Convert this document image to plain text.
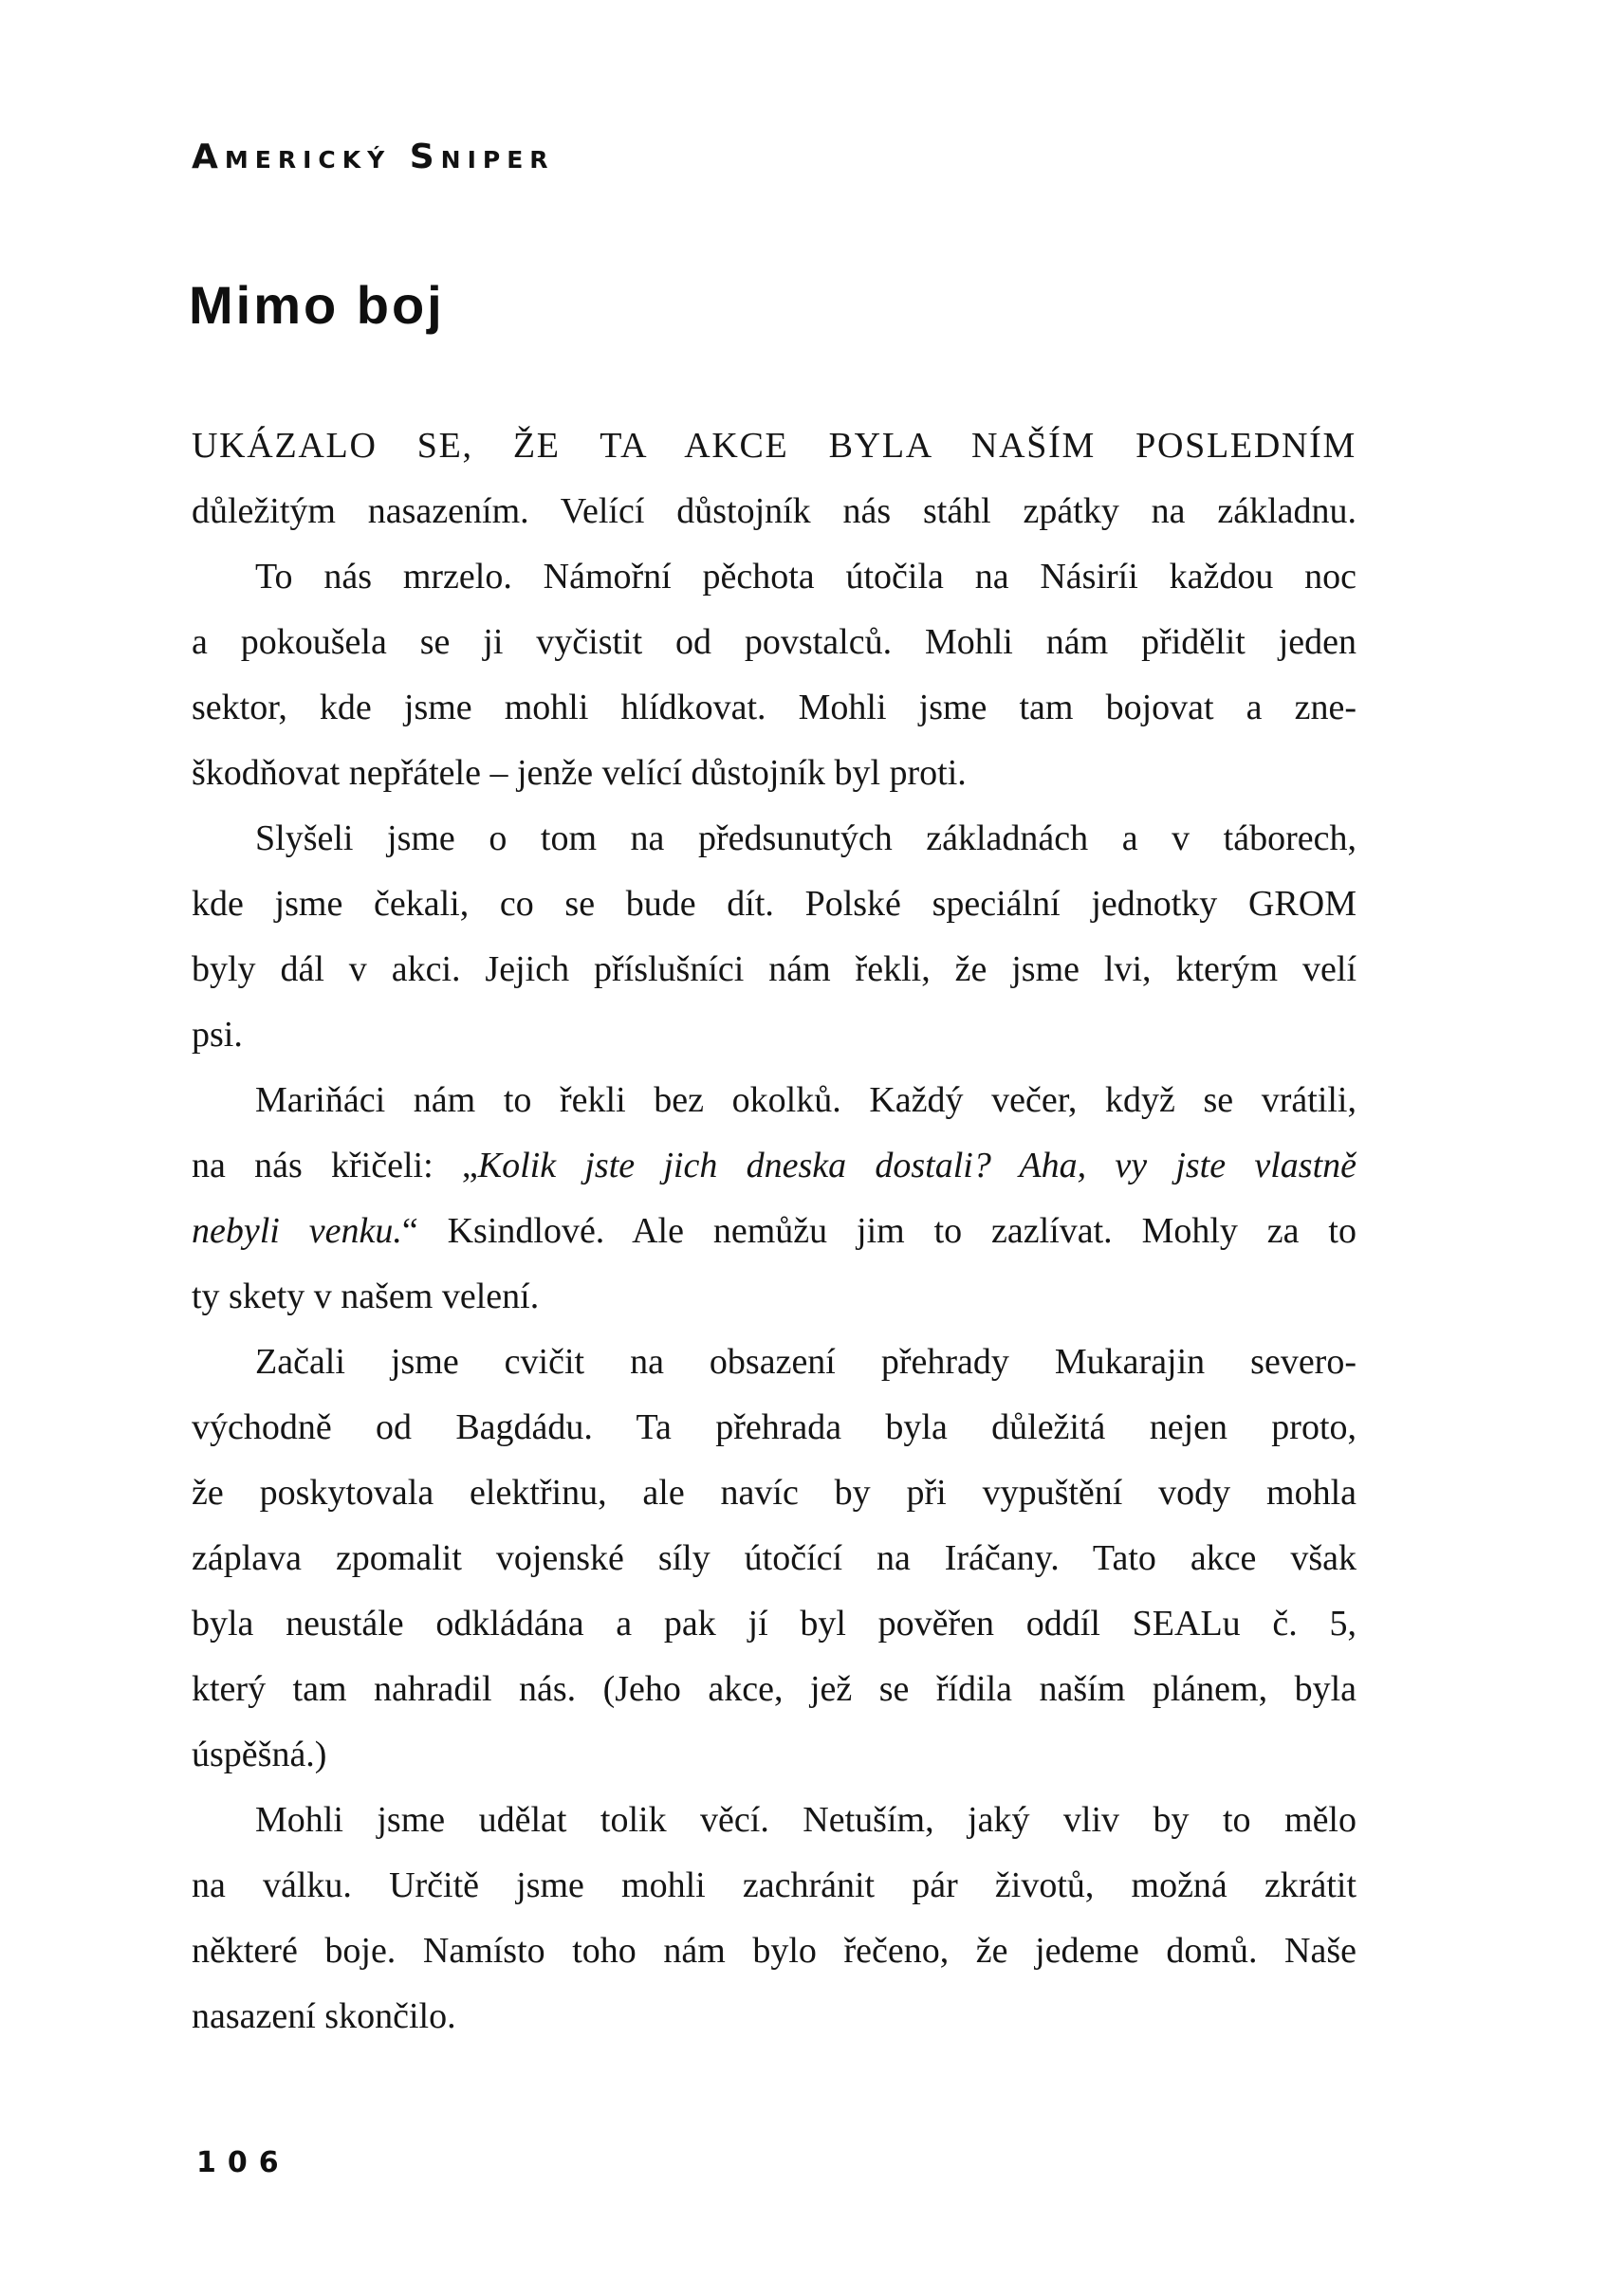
Americký Sniper
Mimo boj
UKÁZALO SE, ŽE TA AKCE BYLA NAŠÍM POSLEDNÍM
důležitým nasazením. Velící důstojník nás stáhl zpátky na základnu.
To nás mrzelo. Námořní pěchota útočila na Násiríi každou noc
a pokoušela se ji vyčistit od povstalců. Mohli nám přidělit jeden
sektor, kde jsme mohli hlídkovat. Mohli jsme tam bojovat a zne-
škodňovat nepřátele – jenže velící důstojník byl proti.
Slyšeli jsme o tom na předsunutých základnách a v táborech,
kde jsme čekali, co se bude dít. Polské speciální jednotky GROM
byly dál v akci. Jejich příslušníci nám řekli, že jsme lvi, kterým velí
psi.
Mariňáci nám to řekli bez okolků. Každý večer, když se vrátili,
na nás křičeli: „Kolik jste jich dneska dostali? Aha, vy jste vlastně
nebyli venku.“ Ksindlové. Ale nemůžu jim to zazlívat. Mohly za to
ty skety v našem velení.
Začali jsme cvičit na obsazení přehrady Mukarajin severo-
východně od Bagdádu. Ta přehrada byla důležitá nejen proto,
že poskytovala elektřinu, ale navíc by při vypuštění vody mohla
záplava zpomalit vojenské síly útočící na Iráčany. Tato akce však
byla neustále odkládána a pak jí byl pověřen oddíl SEALu č. 5,
který tam nahradil nás. (Jeho akce, jež se řídila naším plánem, byla
úspěšná.)
Mohli jsme udělat tolik věcí. Netuším, jaký vliv by to mělo
na válku. Určitě jsme mohli zachránit pár životů, možná zkrátit
některé boje. Namísto toho nám bylo řečeno, že jedeme domů. Naše
nasazení skončilo.
106
